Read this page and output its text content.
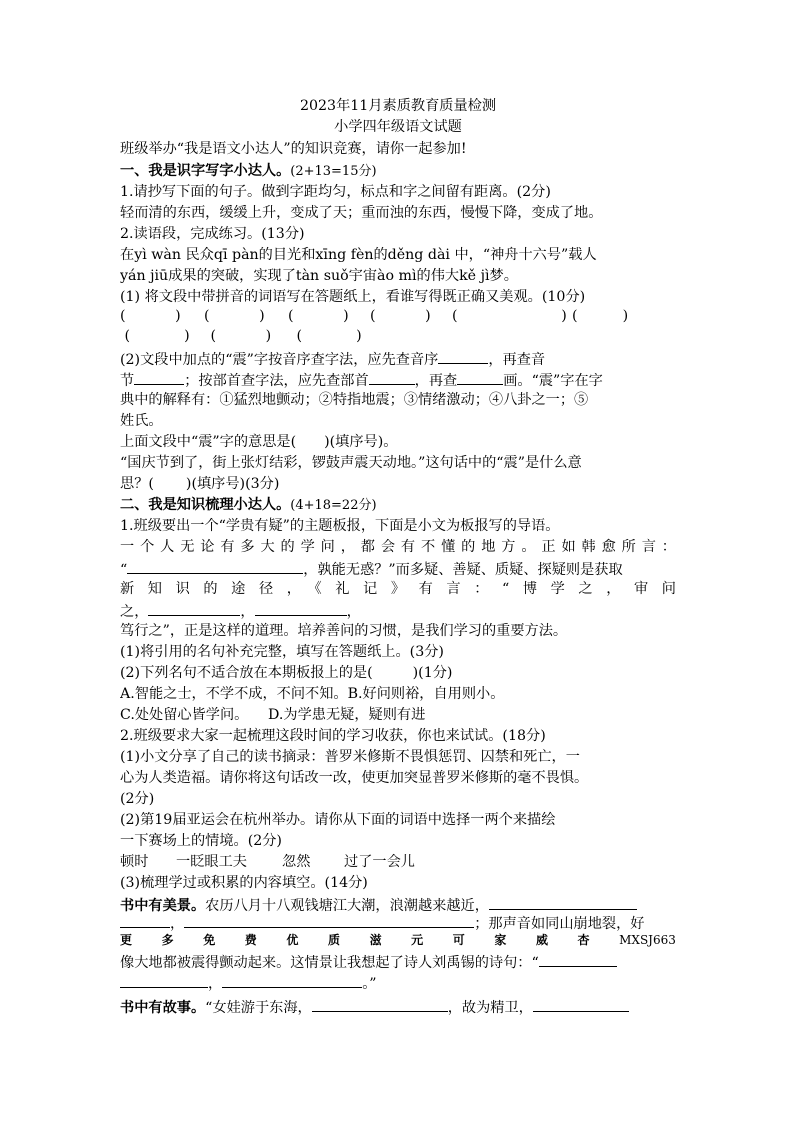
2023年11月素质教育质量检测
小学四年级语文试题
班级举办“我是语文小达人”的知识竞赛，请你一起参加!
一、我是识字写字小达人。(2+13=15分)
1.请抄写下面的句子。做到字距均匀，标点和字之间留有距离。(2分)
轻而清的东西，缓缓上升，变成了天；重而浊的东西，慢慢下降，变成了地。
2.读语段，完成练习。(13分)
在yì wàn 民众qī pàn的目光和xīng fèn的děng dài 中，“神舟十六号”载人
yán jiū成果的突破，实现了tàn suǒ宇宙ào mì的伟大kě jì梦。
(1) 将文段中带拼音的词语写在答题纸上，看谁写得既正确又美观。(10分)
(           ) (           ) (           ) (           ) (                       ) (          )
(            ) (           ) (            )
(2)文段中加点的“震”字按音序查字法，应先查音序	，再查音
节	；按部首查字法，应先查部首	，再查	画。“震”字在字
典中的解释有：①猛烈地颤动；②特指地震；③情绪激动；④八卦之一；⑤
姓氏。
上面文段中“震”字的意思是( )(填序号)。
“国庆节到了，街上张灯结彩，锣鼓声震天动地。”这句话中的“震”是什么意
思？( )(填序号)(3分)
二、我是知识梳理小达人。(4+18=22分)
1.班级要出一个“学贵有疑”的主题板报，下面是小文为板报写的导语。
一个人无论有多大的学问，都会有不懂的地方。正如韩愈所言：
“	，孰能无惑？”而多疑、善疑、质疑、探疑则是获取
新知识的途径，《礼记》有言：“博学之，审问
之，	，	，
笃行之”，正是这样的道理。培养善问的习惯，是我们学习的重要方法。
(1)将引用的名句补充完整，填写在答题纸上。(3分)
(2)下列名句不适合放在本期板报上的是(	)(1分)
A.智能之士，不学不成，不问不知。B.好问则裕，自用则小。
C.处处留心皆学问。 D.为学患无疑，疑则有进
2.班级要求大家一起梳理这段时间的学习收获，你也来试试。(18分)
(1)小文分享了自己的读书摘录：普罗米修斯不畏惧惩罚、囚禁和死亡，一
心为人类造福。请你将这句话改一改，使更加突显普罗米修斯的毫不畏惧。
(2分)
(2)第19届亚运会在杭州举办。请你从下面的词语中选择一两个来描绘
一下赛场上的情境。(2分)
顿时 一眨眼工夫 忽然 过了一会儿
(3)梳理学过或积累的内容填空。(14分)
书中有美景。农历八月十八观钱塘江大潮，浪潮越来越近，
，	；那声音如同山崩地裂，好
更 多 免 费 优 质 滋 元 可 家 威 杏 MXSJ663
像大地都被震得颤动起来。这情景让我想起了诗人刘禹锡的诗句：“
，	。”
书中有故事。“女娃游于东海，	，故为精卫，
